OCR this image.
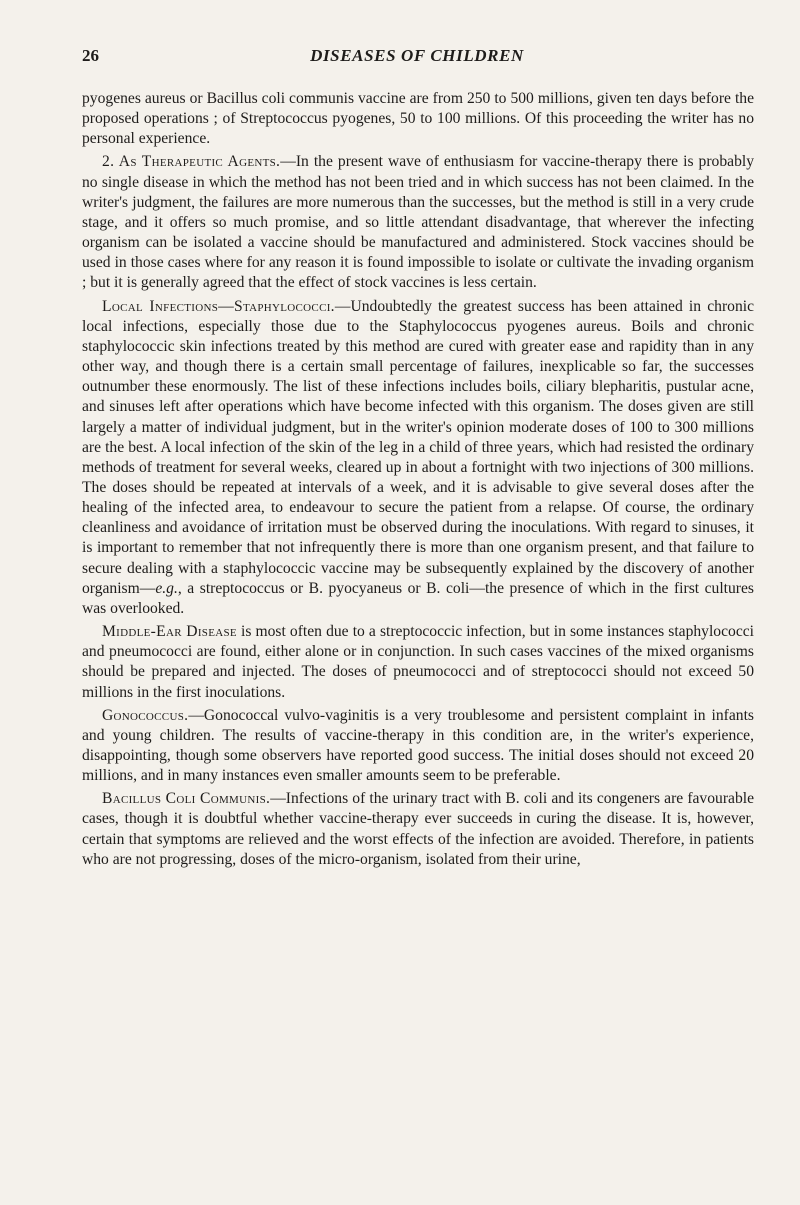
26	DISEASES OF CHILDREN

pyogenes aureus or Bacillus coli communis vaccine are from 250 to 500 millions, given ten days before the proposed operations ; of Streptococcus pyogenes, 50 to 100 millions. Of this proceeding the writer has no personal experience.

2. As Therapeutic Agents.—In the present wave of enthusiasm for vaccine-therapy there is probably no single disease in which the method has not been tried and in which success has not been claimed. In the writer's judgment, the failures are more numerous than the successes, but the method is still in a very crude stage, and it offers so much promise, and so little attendant disadvantage, that wherever the infecting organism can be isolated a vaccine should be manufactured and administered. Stock vaccines should be used in those cases where for any reason it is found impossible to isolate or cultivate the invading organism ; but it is generally agreed that the effect of stock vaccines is less certain.

Local Infections—Staphylococci.—Undoubtedly the greatest success has been attained in chronic local infections, especially those due to the Staphylococcus pyogenes aureus. Boils and chronic staphylococcic skin infections treated by this method are cured with greater ease and rapidity than in any other way, and though there is a certain small percentage of failures, inexplicable so far, the successes outnumber these enormously. The list of these infections includes boils, ciliary blepharitis, pustular acne, and sinuses left after operations which have become infected with this organism. The doses given are still largely a matter of individual judgment, but in the writer's opinion moderate doses of 100 to 300 millions are the best. A local infection of the skin of the leg in a child of three years, which had resisted the ordinary methods of treatment for several weeks, cleared up in about a fortnight with two injections of 300 millions. The doses should be repeated at intervals of a week, and it is advisable to give several doses after the healing of the infected area, to endeavour to secure the patient from a relapse. Of course, the ordinary cleanliness and avoidance of irritation must be observed during the inoculations. With regard to sinuses, it is important to remember that not infrequently there is more than one organism present, and that failure to secure dealing with a staphylococcic vaccine may be subsequently explained by the discovery of another organism—e.g., a streptococcus or B. pyocyaneus or B. coli—the presence of which in the first cultures was overlooked.

Middle-Ear Disease is most often due to a streptococcic infection, but in some instances staphylococci and pneumococci are found, either alone or in conjunction. In such cases vaccines of the mixed organisms should be prepared and injected. The doses of pneumococci and of streptococci should not exceed 50 millions in the first inoculations.

Gonococcus.—Gonococcal vulvo-vaginitis is a very troublesome and persistent complaint in infants and young children. The results of vaccine-therapy in this condition are, in the writer's experience, disappointing, though some observers have reported good success. The initial doses should not exceed 20 millions, and in many instances even smaller amounts seem to be preferable.

Bacillus Coli Communis.—Infections of the urinary tract with B. coli and its congeners are favourable cases, though it is doubtful whether vaccine-therapy ever succeeds in curing the disease. It is, however, certain that symptoms are relieved and the worst effects of the infection are avoided. Therefore, in patients who are not progressing, doses of the micro-organism, isolated from their urine,
